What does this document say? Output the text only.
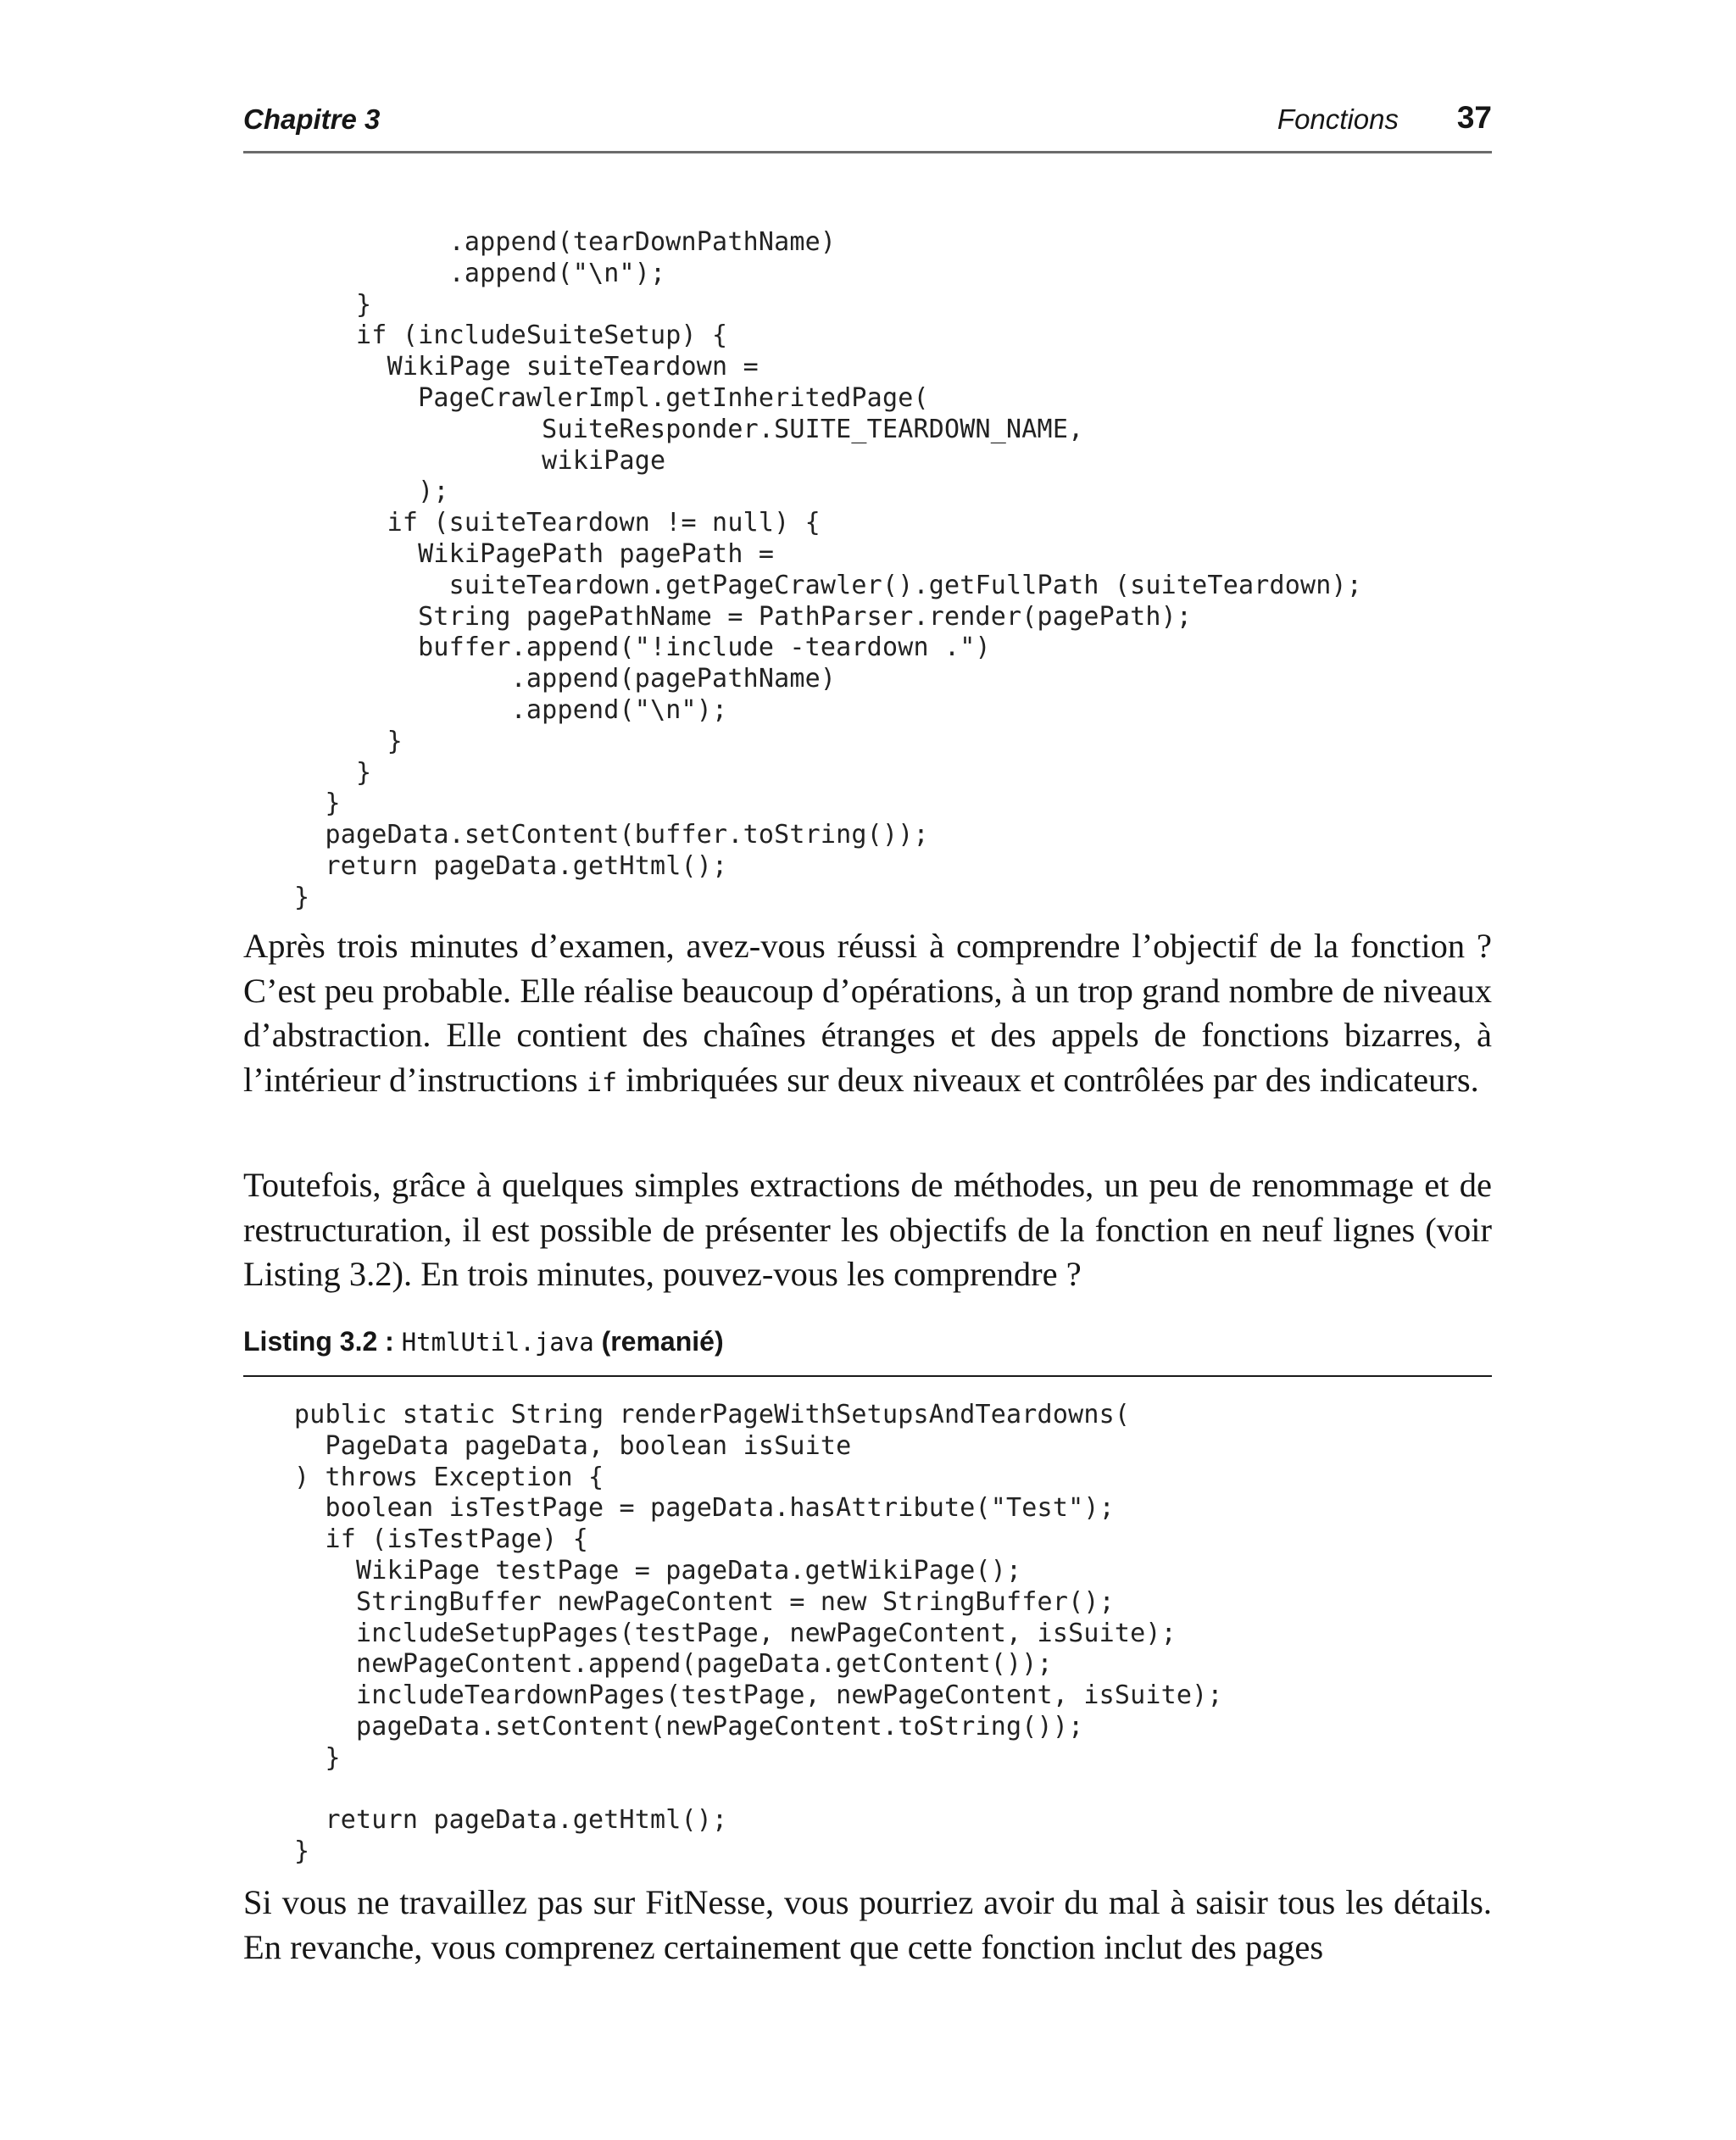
Chapitre 3	Fonctions 37
.append(tearDownPathName)
.append("\n");
}
if (includeSuiteSetup) {
WikiPage suiteTeardown =
PageCrawlerImpl.getInheritedPage(
SuiteResponder.SUITE_TEARDOWN_NAME,
wikiPage
);
if (suiteTeardown != null) {
WikiPagePath pagePath =
suiteTeardown.getPageCrawler().getFullPath (suiteTeardown);
String pagePathName = PathParser.render(pagePath);
buffer.append("!include -teardown .")
.append(pagePathName)
.append("\n");
}
}
}
pageData.setContent(buffer.toString());
return pageData.getHtml();
}

Après trois minutes d’examen, avez-vous réussi à comprendre l’objectif de la fonction ? C’est peu probable. Elle réalise beaucoup d’opérations, à un trop grand nombre de niveaux d’abstraction. Elle contient des chaînes étranges et des appels de fonctions bizarres, à l’intérieur d’instructions if imbriquées sur deux niveaux et contrôlées par des indicateurs.

Toutefois, grâce à quelques simples extractions de méthodes, un peu de renommage et de restructuration, il est possible de présenter les objectifs de la fonction en neuf lignes (voir Listing 3.2). En trois minutes, pouvez-vous les comprendre ?

Listing 3.2 : HtmlUtil.java (remanié)
public static String renderPageWithSetupsAndTeardowns(
PageData pageData, boolean isSuite
) throws Exception {
boolean isTestPage = pageData.hasAttribute("Test");
if (isTestPage) {
WikiPage testPage = pageData.getWikiPage();
StringBuffer newPageContent = new StringBuffer();
includeSetupPages(testPage, newPageContent, isSuite);
newPageContent.append(pageData.getContent());
includeTeardownPages(testPage, newPageContent, isSuite);
pageData.setContent(newPageContent.toString());
}

return pageData.getHtml();
}

Si vous ne travaillez pas sur FitNesse, vous pourriez avoir du mal à saisir tous les détails. En revanche, vous comprenez certainement que cette fonction inclut des pages
